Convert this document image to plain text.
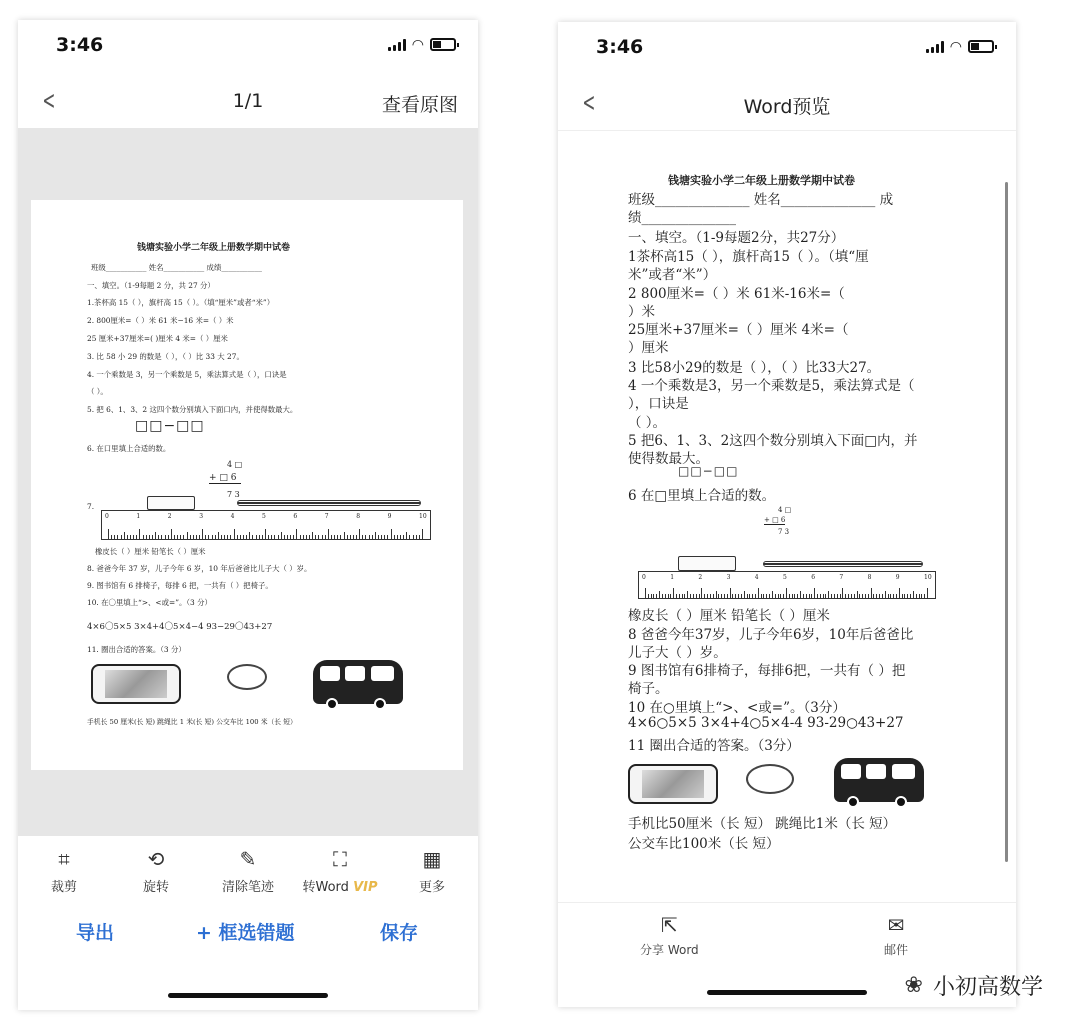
3:46	◠
<	1/1	查看原图
钱塘实验小学二年级上册数学期中试卷
班级___________ 姓名___________ 成绩___________
一、填空。（1-9每题 2 分，共 27 分）
1.茶杯高 15（ ），旗杆高 15（ ）。（填“厘米”或者“米”）
2. 800厘米=（ ）米 61 米−16 米=（ ）米
25 厘米+37厘米=( )厘米 4 米=（ ）厘米
3. 比 58 小 29 的数是（ ），（ ）比 33 大 27。
4. 一个乘数是 3，另一个乘数是 5，乘法算式是（ ），口诀是
（ ）。
5. 把 6、1、3、2 这四个数分别填入下面口内，并使得数最大。
□□−□□
6. 在口里填上合适的数。
4 □
+ □ 6
7 3
7.
0	1	2	3	4	5	6	7	8	9	10
橡皮长（ ）厘米 铅笔长（ ）厘米
8. 爸爸今年 37 岁，儿子今年 6 岁，10 年后爸爸比儿子大（ ）岁。
9. 图书馆有 6 排椅子，每排 6 把，一共有（ ）把椅子。
10. 在〇里填上“>、<或=”。（3 分）
4×6〇5×5 3×4+4〇5×4−4 93−29〇43+27
11. 圈出合适的答案。（3 分）
手机长 50 厘米(长 短) 跳绳比 1 米(长 短) 公交车比 100 米（长 短）
⌗
裁剪
⟲
旋转
✎
清除笔迹
⛶
转Word VIP
▦
更多
导出	+ 框选错题	保存
3:46	◠
<	Word预览
钱塘实验小学二年级上册数学期中试卷
班级______________ 姓名______________ 成
绩______________
一、填空。（1-9每题2分，共27分）
1茶杯高15（ ），旗杆高15（ ）。（填“厘
米”或者“米”）
2 800厘米=（ ）米 61米-16米=（
）米
25厘米+37厘米=（ ）厘米 4米=（
）厘米
3 比58小29的数是（ ），（ ）比33大27。
4 一个乘数是3，另一个乘数是5，乘法算式是（
），口诀是
（ ）。
5 把6、1、3、2这四个数分别填入下面□内，并
使得数最大。
□□−□□
6 在□里填上合适的数。
4 □
+ □ 6
7 3
0	1	2	3	4	5	6	7	8	9	10
橡皮长（ ）厘米 铅笔长（ ）厘米
8 爸爸今年37岁，儿子今年6岁，10年后爸爸比
儿子大（ ）岁。
9 图书馆有6排椅子，每排6把，一共有（ ）把
椅子。
10 在○里填上“>、<或=”。（3分）
4×6○5×5 3×4+4○5×4-4 93-29○43+27
11 圈出合适的答案。（3分）
手机比50厘米（长 短） 跳绳比1米（长 短）
公交车比100米（长 短）
⇱
分享 Word
✉
邮件
❀ 小初高数学
